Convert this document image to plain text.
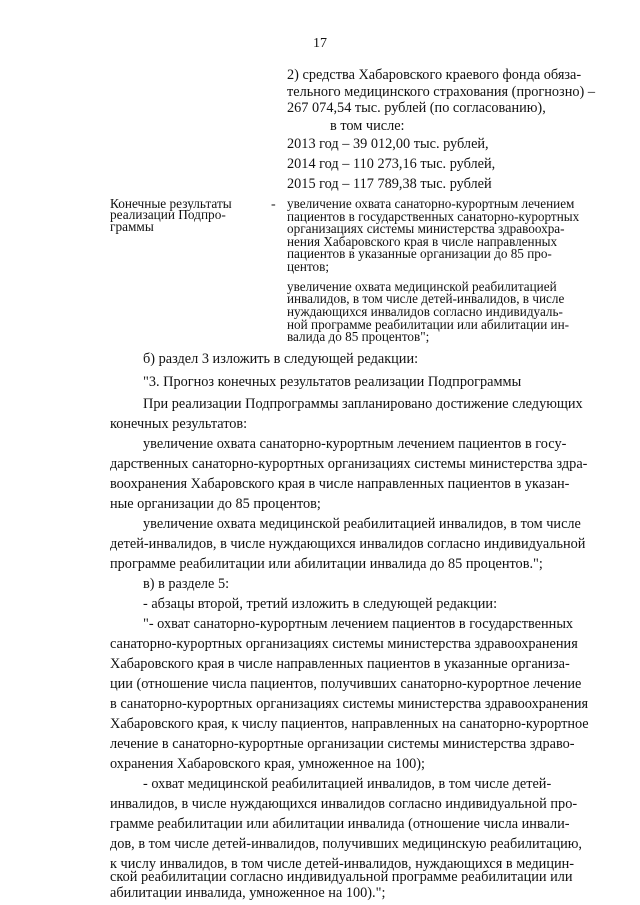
17
2) средства Хабаровского краевого фонда обяза-
тельного медицинского страхования (прогнозно) –
267 074,54 тыс. рублей (по согласованию),
в том числе:
2013 год – 39 012,00 тыс. рублей,
2014 год – 110 273,16 тыс. рублей,
2015 год – 117 789,38 тыс. рублей
Конечные результаты
реализации Подпро-
граммы
- увеличение охвата санаторно-курортным лечением
пациентов в государственных санаторно-курортных
организациях системы министерства здравоохра-
нения Хабаровского края в числе направленных
пациентов в указанные организации до 85 про-
центов;
увеличение охвата медицинской реабилитацией
инвалидов, в том числе детей-инвалидов, в числе
нуждающихся инвалидов согласно индивидуаль-
ной программе реабилитации или абилитации ин-
валида до 85 процентов";
б) раздел 3 изложить в следующей редакции:
"3. Прогноз конечных результатов реализации Подпрограммы
При реализации Подпрограммы запланировано достижение следующих
конечных результатов:
увеличение охвата санаторно-курортным лечением пациентов в госу-
дарственных санаторно-курортных организациях системы министерства здра-
воохранения Хабаровского края в числе направленных пациентов в указан-
ные организации до 85 процентов;
увеличение охвата медицинской реабилитацией инвалидов, в том числе
детей-инвалидов, в числе нуждающихся инвалидов согласно индивидуальной
программе реабилитации или абилитации инвалида до 85 процентов.";
в) в разделе 5:
- абзацы второй, третий изложить в следующей редакции:
"- охват санаторно-курортным лечением пациентов в государственных
санаторно-курортных организациях системы министерства здравоохранения
Хабаровского края в числе направленных пациентов в указанные организа-
ции (отношение числа пациентов, получивших санаторно-курортное лечение
в санаторно-курортных организациях системы министерства здравоохранения
Хабаровского края, к числу пациентов, направленных на санаторно-курортное
лечение в санаторно-курортные организации системы министерства здраво-
охранения Хабаровского края, умноженное на 100);
- охват медицинской реабилитацией инвалидов, в том числе детей-
инвалидов, в числе нуждающихся инвалидов согласно индивидуальной про-
грамме реабилитации или абилитации инвалида (отношение числа инвали-
дов, в том числе детей-инвалидов, получивших медицинскую реабилитацию,
к числу инвалидов, в том числе детей-инвалидов, нуждающихся в медицин-
ской реабилитации согласно индивидуальной программе реабилитации или
абилитации инвалида, умноженное на 100).";
